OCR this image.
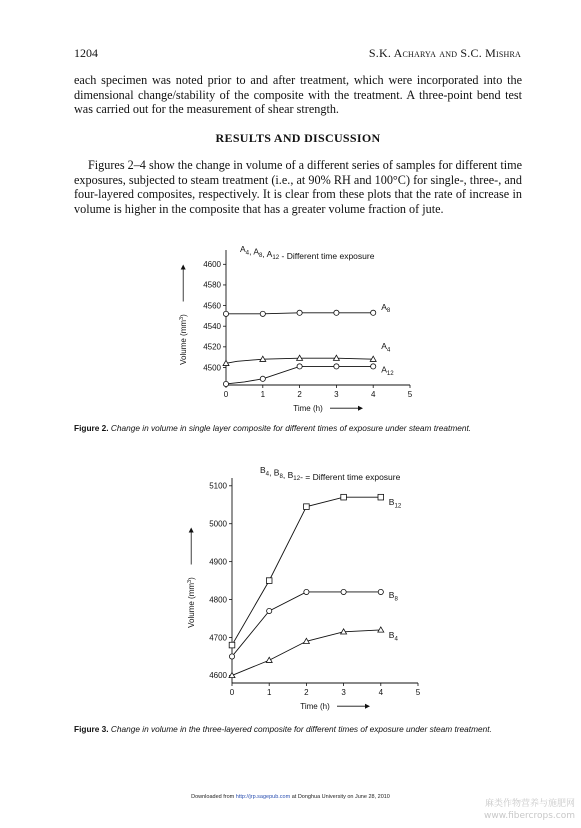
1204	S.K. Acharya and S.C. Mishra
each specimen was noted prior to and after treatment, which were incorporated into the dimensional change/stability of the composite with the treatment. A three-point bend test was carried out for the measurement of shear strength.
RESULTS AND DISCUSSION
Figures 2–4 show the change in volume of a different series of samples for different time exposures, subjected to steam treatment (i.e., at 90% RH and 100°C) for single-, three-, and four-layered composites, respectively. It is clear from these plots that the rate of increase in volume is higher in the composite that has a greater volume fraction of jute.
0	1	2	3	4	5
4500
4520
4540
4560
4580
4600
Time (h)
Volume $(mm^3)$
$A_4$, $A_8$, $A_{12}$ - Different time exposure
$A_8$
$A_4$
$A_{12}$
Figure 2. Change in volume in single layer composite for different times of exposure under steam treatment.
0	1	2	3	4	5
4600
4700
4800
4900
5000
5100
Time (h)
Volume $(mm^3)$
$B_4$, $B_8$, $B_{12}-$ = Different time exposure
$B_{12}$
$B_8$
$B_4$
Figure 3. Change in volume in the three-layered composite for different times of exposure under steam treatment.
Downloaded from http://jrp.sagepub.com at Donghua University on June 28, 2010
麻类作物营养与施肥网
www.fibercrops.com
